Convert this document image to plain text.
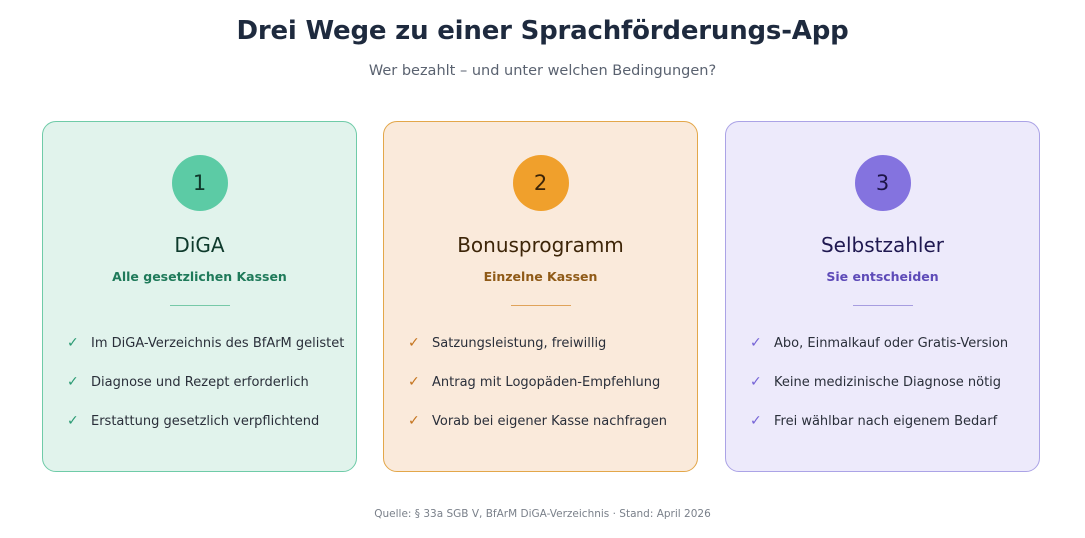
Drei Wege zu einer Sprachförderungs-App
Wer bezahlt – und unter welchen Bedingungen?
1
DiGA
Alle gesetzlichen Kassen
✓ Im DiGA-Verzeichnis des BfArM gelistet
✓ Diagnose und Rezept erforderlich
✓ Erstattung gesetzlich verpflichtend
2
Bonusprogramm
Einzelne Kassen
✓ Satzungsleistung, freiwillig
✓ Antrag mit Logopäden-Empfehlung
✓ Vorab bei eigener Kasse nachfragen
3
Selbstzahler
Sie entscheiden
✓ Abo, Einmalkauf oder Gratis-Version
✓ Keine medizinische Diagnose nötig
✓ Frei wählbar nach eigenem Bedarf
Quelle: § 33a SGB V, BfArM DiGA-Verzeichnis · Stand: April 2026
